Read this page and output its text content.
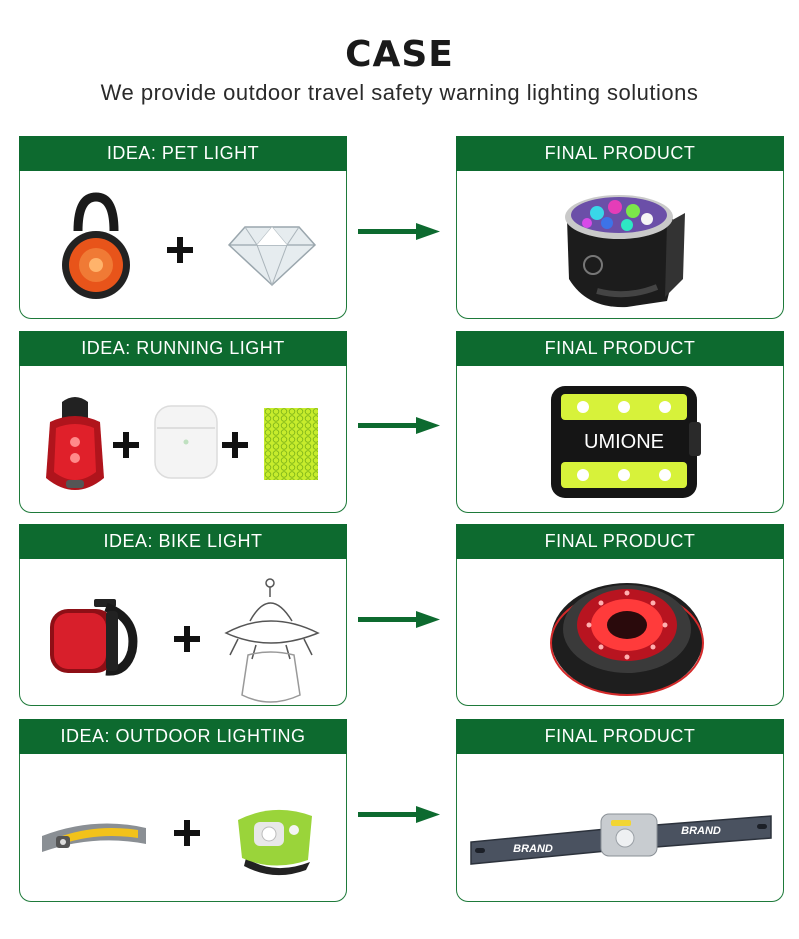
CASE
We provide outdoor travel safety warning lighting solutions
IDEA: PET LIGHT	FINAL PRODUCT
IDEA: RUNNING LIGHT	FINAL PRODUCT
UMIONE
IDEA: BIKE LIGHT	FINAL PRODUCT
IDEA: OUTDOOR LIGHTING	FINAL PRODUCT
BRAND
BRAND
